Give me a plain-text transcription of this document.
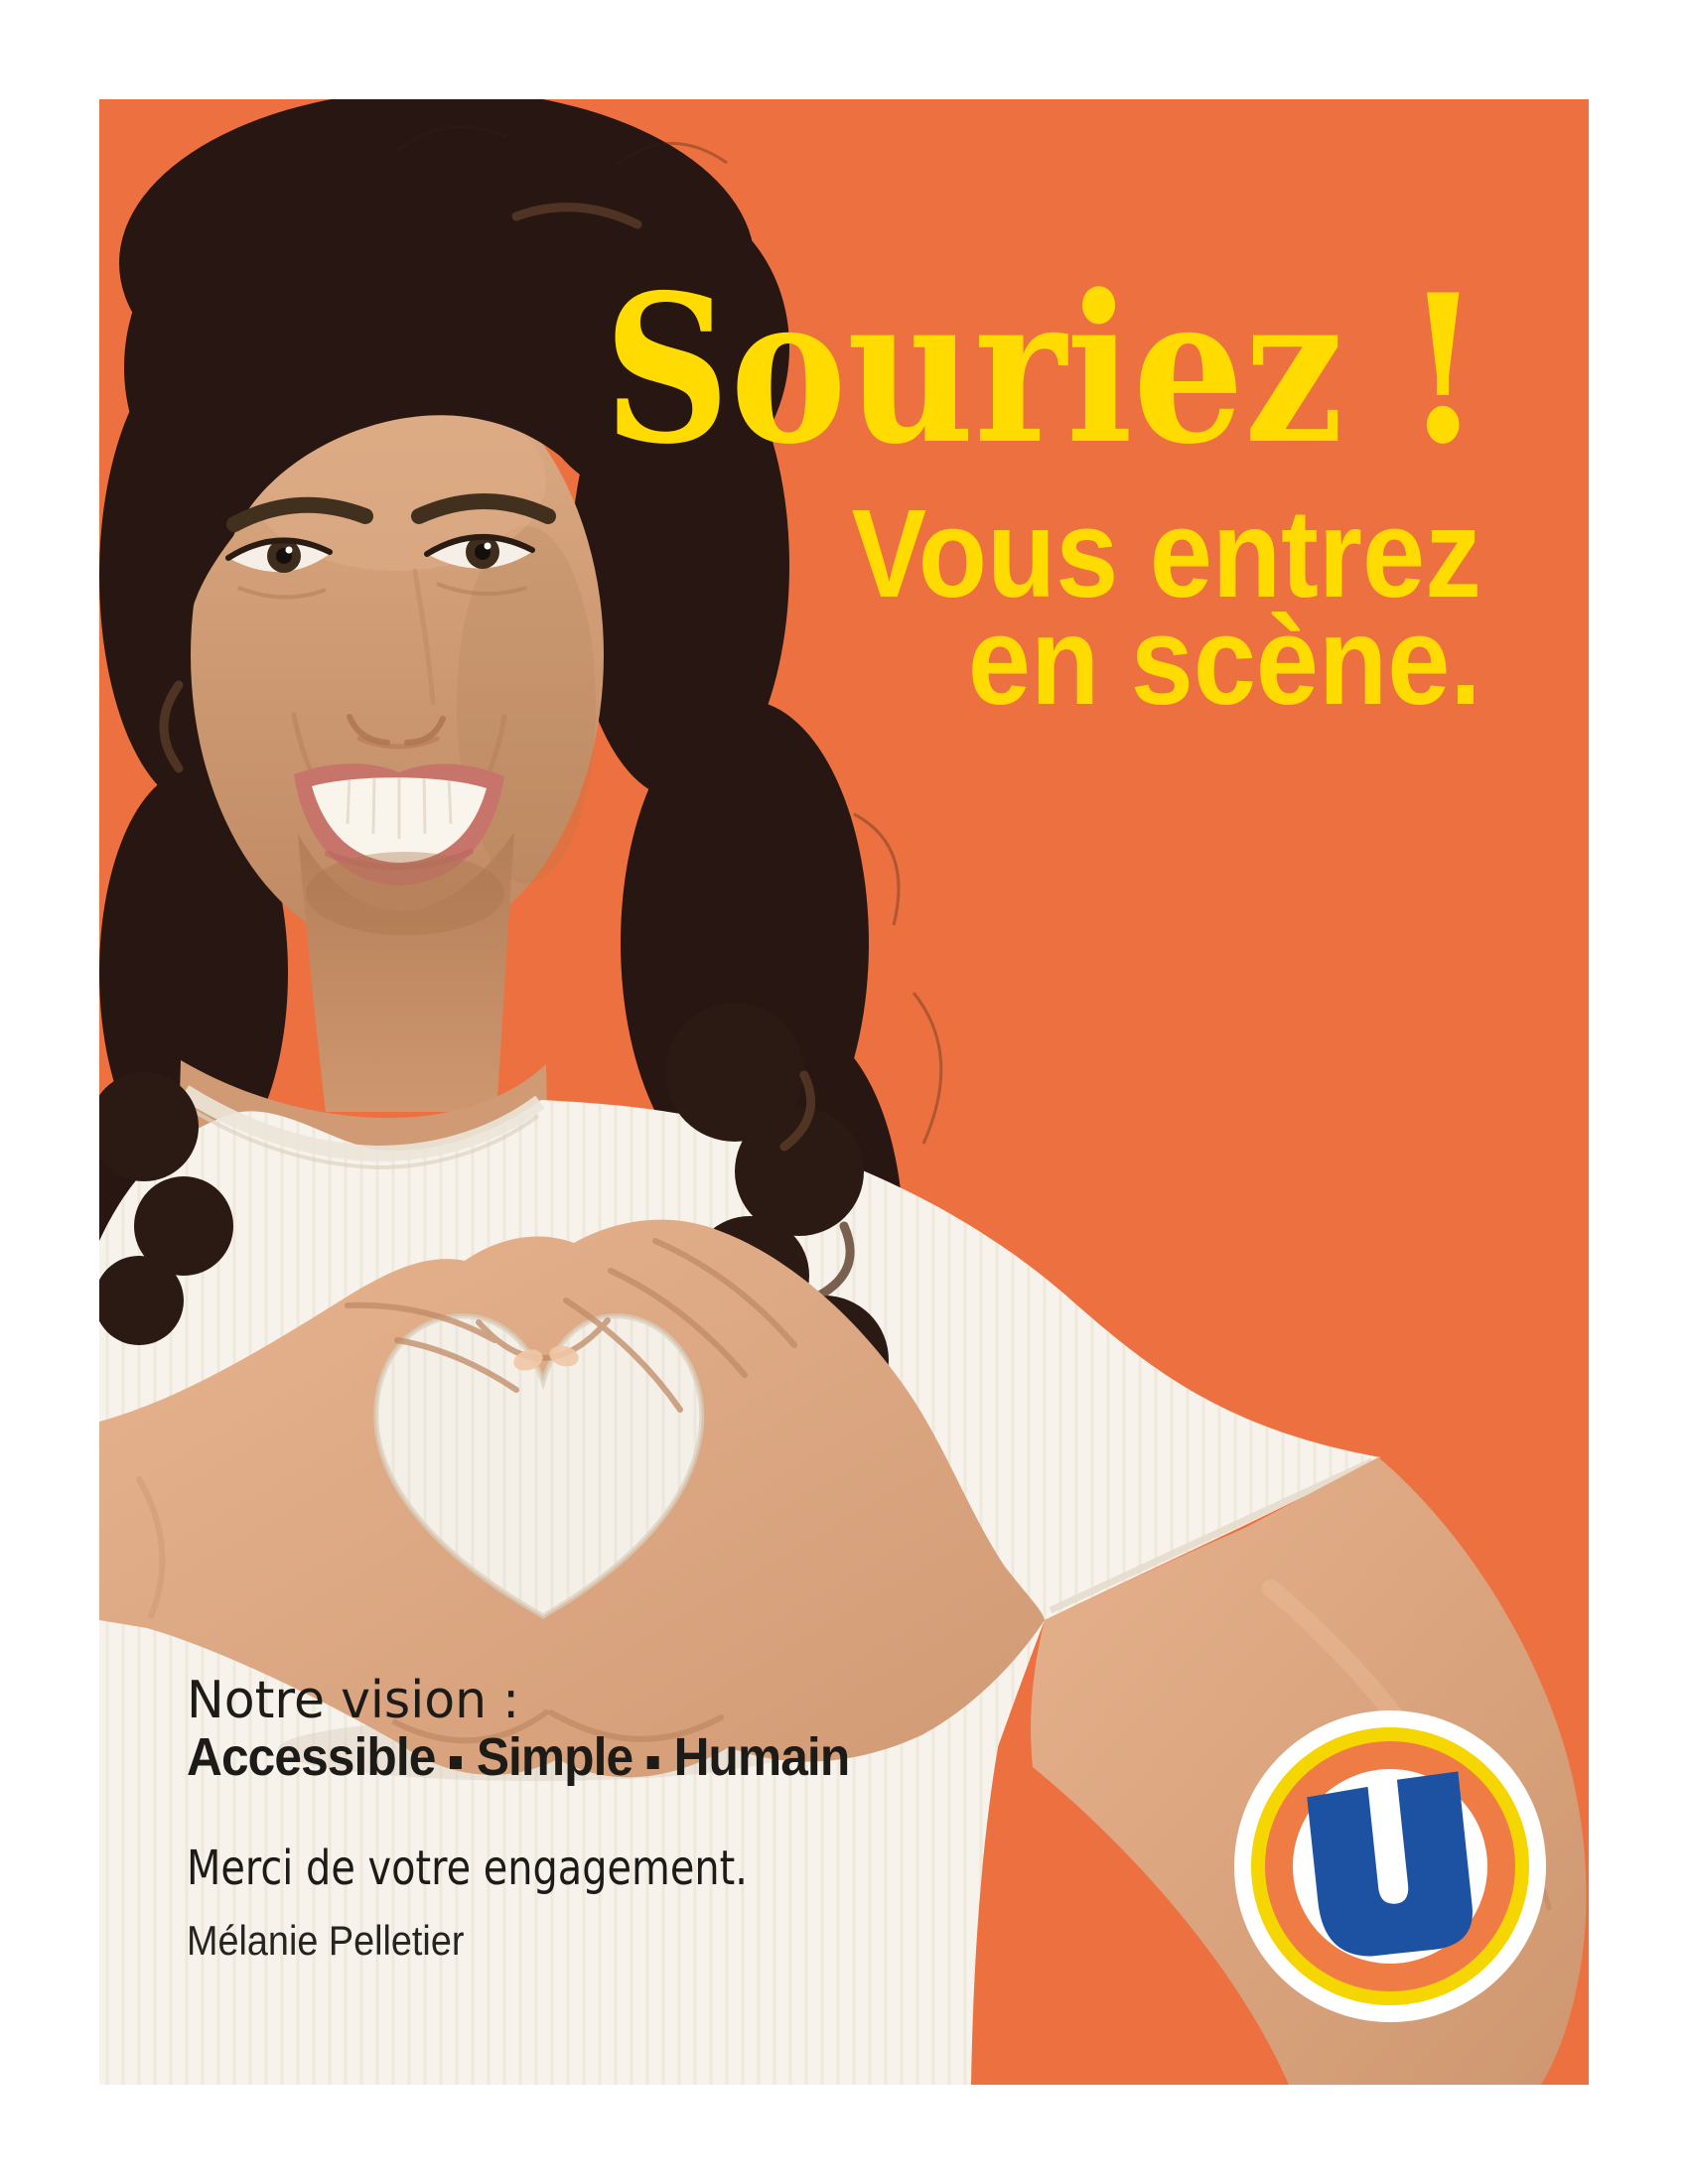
Souriez !
Vous entrez
en scène.
Notre vision :
Accessible Simple Humain
Merci de votre engagement.
Mélanie Pelletier
